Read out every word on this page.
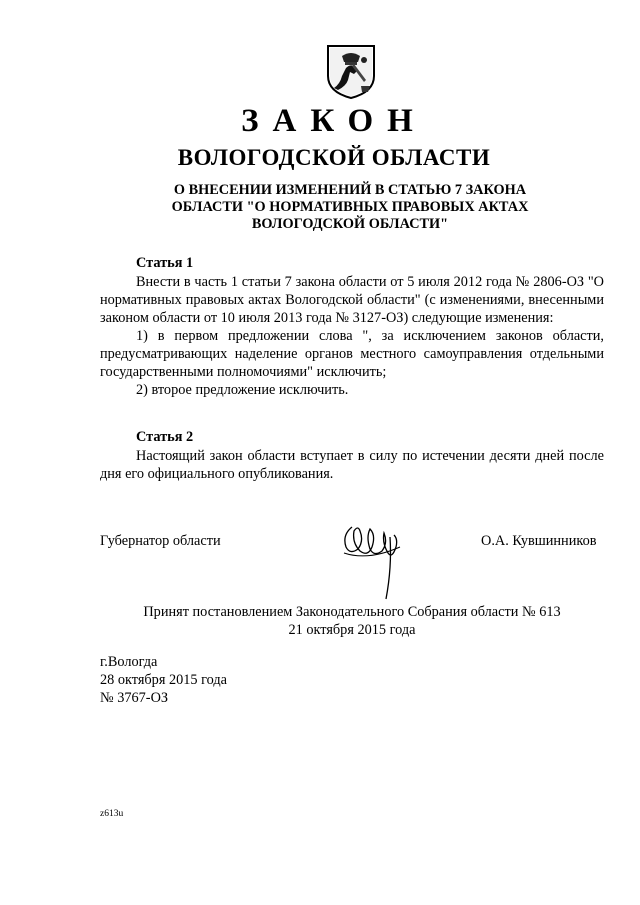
ЗАКОН
ВОЛОГОДСКОЙ ОБЛАСТИ
О ВНЕСЕНИИ ИЗМЕНЕНИЙ В СТАТЬЮ 7 ЗАКОНА
ОБЛАСТИ "О НОРМАТИВНЫХ ПРАВОВЫХ АКТАХ
ВОЛОГОДСКОЙ ОБЛАСТИ"
Статья 1

Внести в часть 1 статьи 7 закона области от 5 июля 2012 года № 2806-ОЗ "О нормативных правовых актах Вологодской области" (с изменениями, внесенными законом области от 10 июля 2013 года № 3127-ОЗ) следующие изменения:

1) в первом предложении слова ", за исключением законов области, предусматривающих наделение органов местного самоуправления отдельными государственными полномочиями" исключить;

2) второе предложение исключить.

Статья 2

Настоящий закон области вступает в силу по истечении десяти дней после дня его официального опубликования.

Губернатор области	О.А. Кувшинников
Принят постановлением Законодательного Собрания области № 613
21 октября 2015 года
г.Вологда
28 октября 2015 года
№ 3767-ОЗ
z613u
